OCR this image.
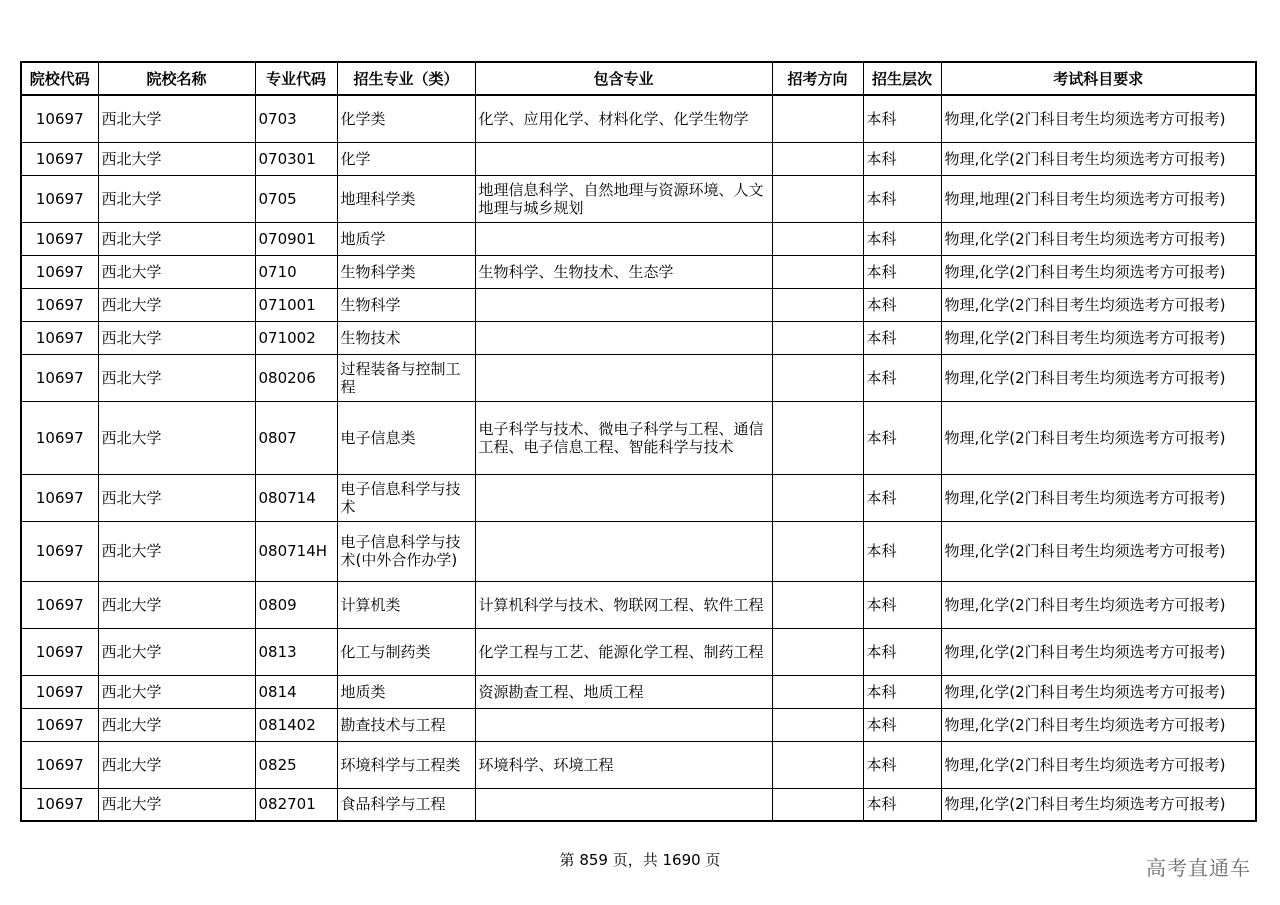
院校代码	院校名称	专业代码	招生专业（类）	包含专业	招考方向	招生层次	考试科目要求
10697	西北大学	0703	化学类	化学、应用化学、材料化学、化学生物学		本科	物理,化学(2门科目考生均须选考方可报考)
10697	西北大学	070301	化学			本科	物理,化学(2门科目考生均须选考方可报考)
10697	西北大学	0705	地理科学类	地理信息科学、自然地理与资源环境、人文地理与城乡规划		本科	物理,地理(2门科目考生均须选考方可报考)
10697	西北大学	070901	地质学			本科	物理,化学(2门科目考生均须选考方可报考)
10697	西北大学	0710	生物科学类	生物科学、生物技术、生态学		本科	物理,化学(2门科目考生均须选考方可报考)
10697	西北大学	071001	生物科学			本科	物理,化学(2门科目考生均须选考方可报考)
10697	西北大学	071002	生物技术			本科	物理,化学(2门科目考生均须选考方可报考)
10697	西北大学	080206	过程装备与控制工程			本科	物理,化学(2门科目考生均须选考方可报考)
10697	西北大学	0807	电子信息类	电子科学与技术、微电子科学与工程、通信工程、电子信息工程、智能科学与技术		本科	物理,化学(2门科目考生均须选考方可报考)
10697	西北大学	080714	电子信息科学与技术			本科	物理,化学(2门科目考生均须选考方可报考)
10697	西北大学	080714H	电子信息科学与技术(中外合作办学)			本科	物理,化学(2门科目考生均须选考方可报考)
10697	西北大学	0809	计算机类	计算机科学与技术、物联网工程、软件工程		本科	物理,化学(2门科目考生均须选考方可报考)
10697	西北大学	0813	化工与制药类	化学工程与工艺、能源化学工程、制药工程		本科	物理,化学(2门科目考生均须选考方可报考)
10697	西北大学	0814	地质类	资源勘查工程、地质工程		本科	物理,化学(2门科目考生均须选考方可报考)
10697	西北大学	081402	勘查技术与工程			本科	物理,化学(2门科目考生均须选考方可报考)
10697	西北大学	0825	环境科学与工程类	环境科学、环境工程		本科	物理,化学(2门科目考生均须选考方可报考)
10697	西北大学	082701	食品科学与工程			本科	物理,化学(2门科目考生均须选考方可报考)
第 859 页，共 1690 页	高考直通车
